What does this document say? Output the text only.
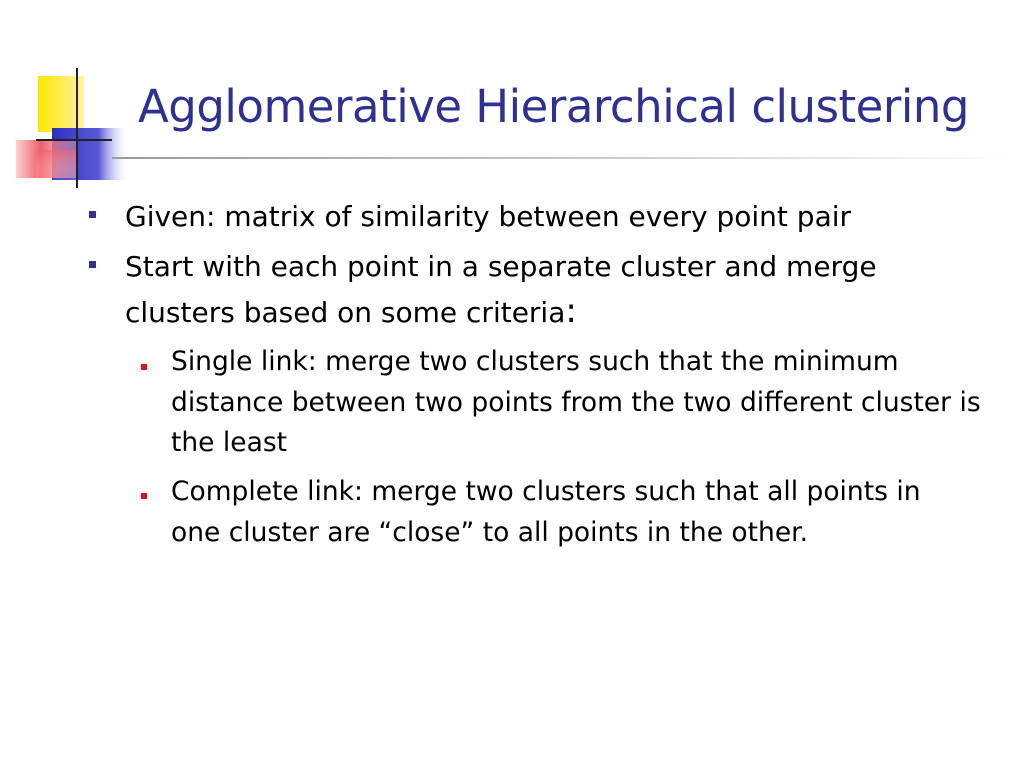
Agglomerative Hierarchical clustering
Given: matrix of similarity between every point pair
Start with each point in a separate cluster and merge clusters based on some criteria:
Single link: merge two clusters such that the minimum distance between two points from the two different cluster is the least
Complete link: merge two clusters such that all points in one cluster are “close” to all points in the other.
